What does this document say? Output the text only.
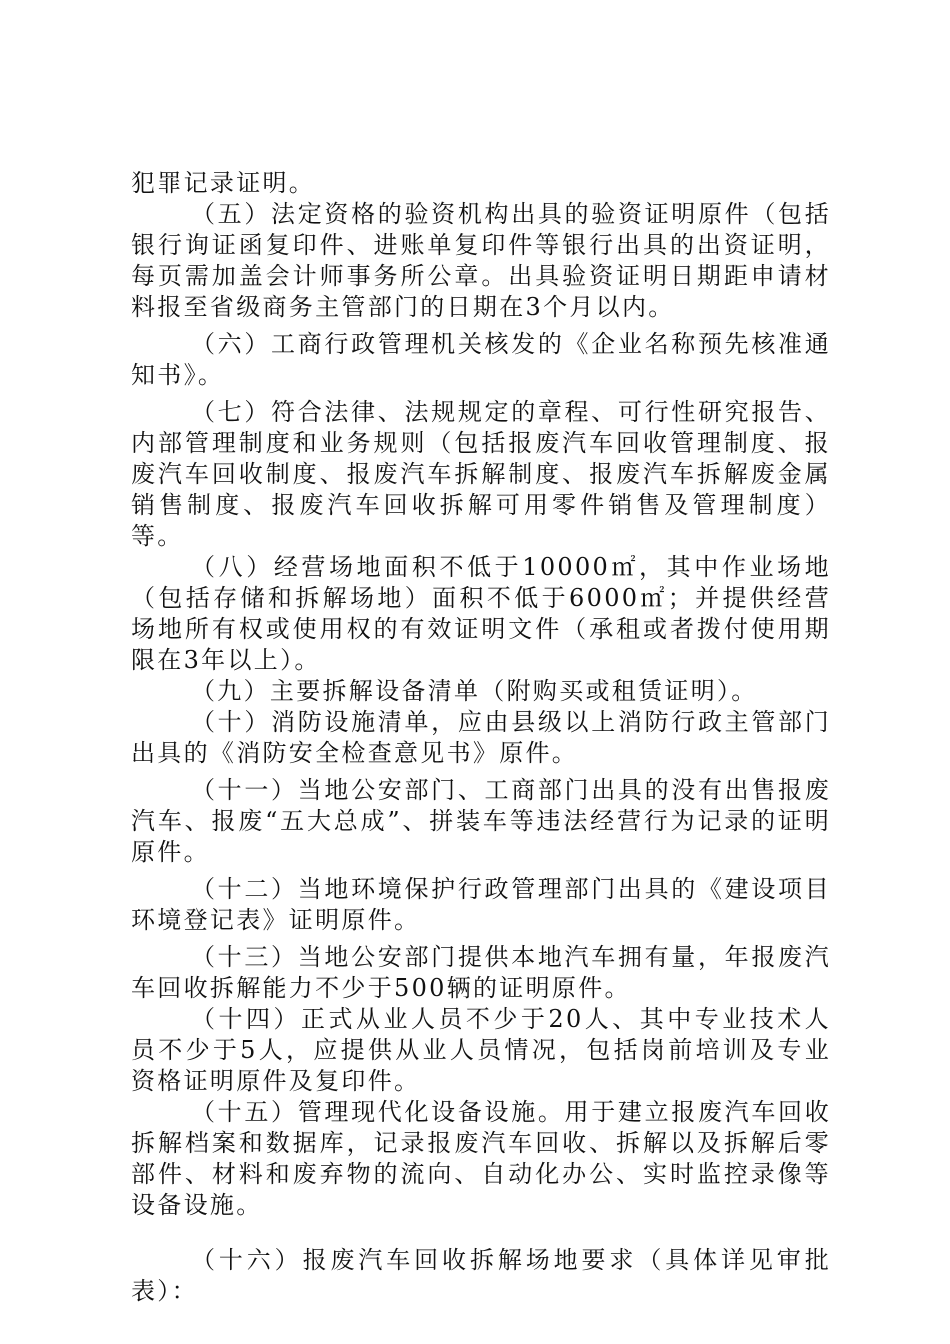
犯罪记录证明。

（五）法定资格的验资机构出具的验资证明原件（包括银行询证函复印件、进账单复印件等银行出具的出资证明，每页需加盖会计师事务所公章。出具验资证明日期距申请材料报至省级商务主管部门的日期在3个月以内。

（六）工商行政管理机关核发的《企业名称预先核准通知书》。

（七）符合法律、法规规定的章程、可行性研究报告、内部管理制度和业务规则（包括报废汽车回收管理制度、报废汽车回收制度、报废汽车拆解制度、报废汽车拆解废金属销售制度、报废汽车回收拆解可用零件销售及管理制度）等。

（八）经营场地面积不低于10000㎡，其中作业场地（包括存储和拆解场地）面积不低于6000㎡；并提供经营场地所有权或使用权的有效证明文件（承租或者拨付使用期限在3年以上）。

（九）主要拆解设备清单（附购买或租赁证明）。

（十）消防设施清单，应由县级以上消防行政主管部门出具的《消防安全检查意见书》原件。

（十一）当地公安部门、工商部门出具的没有出售报废汽车、报废“五大总成”、拼装车等违法经营行为记录的证明原件。

（十二）当地环境保护行政管理部门出具的《建设项目环境登记表》证明原件。

（十三）当地公安部门提供本地汽车拥有量，年报废汽车回收拆解能力不少于500辆的证明原件。

（十四）正式从业人员不少于20人、其中专业技术人员不少于5人，应提供从业人员情况，包括岗前培训及专业资格证明原件及复印件。

（十五）管理现代化设备设施。用于建立报废汽车回收拆解档案和数据库，记录报废汽车回收、拆解以及拆解后零部件、材料和废弃物的流向、自动化办公、实时监控录像等设备设施。

（十六）报废汽车回收拆解场地要求（具体详见审批表）：
